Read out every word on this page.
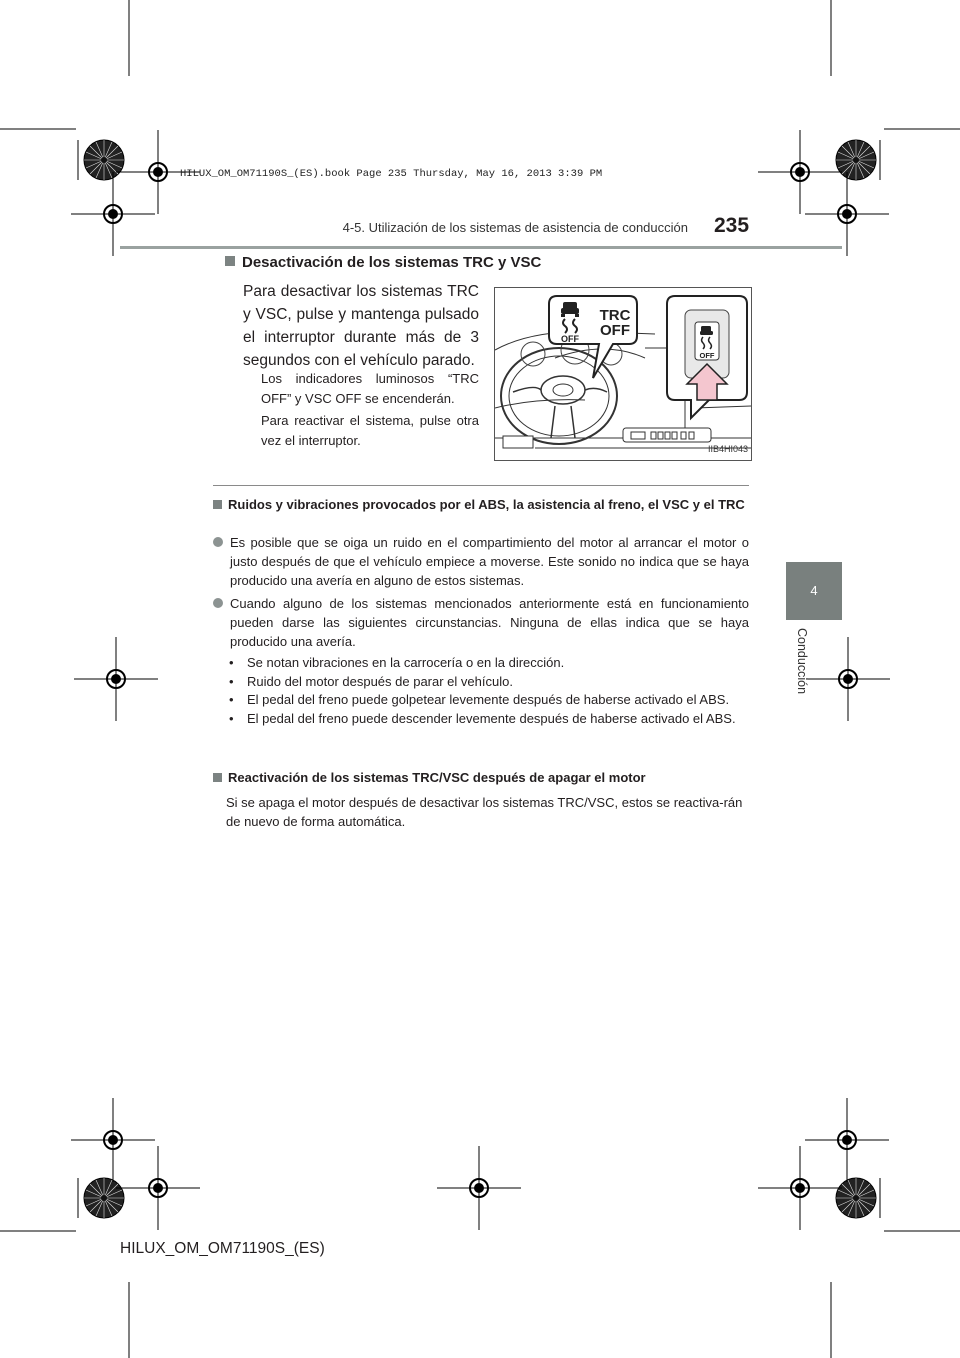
HILUX_OM_OM71190S_(ES).book Page 235 Thursday, May 16, 2013 3:39 PM
4-5. Utilización de los sistemas de asistencia de conducción 235
4
Conducción
Desactivación de los sistemas TRC y VSC
Para desactivar los sistemas TRC y VSC, pulse y mantenga pulsado el interruptor durante más de 3 segundos con el vehículo parado.
Los indicadores luminosos “TRC OFF” y VSC OFF se encenderán.
Para reactivar el sistema, pulse otra vez el interruptor.
OFF
TRC
OFF
OFF
IIB4HI043
Ruidos y vibraciones provocados por el ABS, la asistencia al freno, el VSC y el TRC
Es posible que se oiga un ruido en el compartimiento del motor al arrancar el motor o justo después de que el vehículo empiece a moverse. Este sonido no indica que se haya producido una avería en alguno de estos sistemas.
Cuando alguno de los sistemas mencionados anteriormente está en funcionamiento pueden darse las siguientes circunstancias. Ninguna de ellas indica que se haya producido una avería.
• Se notan vibraciones en la carrocería o en la dirección.
• Ruido del motor después de parar el vehículo.
• El pedal del freno puede golpetear levemente después de haberse activado el ABS.
• El pedal del freno puede descender levemente después de haberse activado el ABS.
Reactivación de los sistemas TRC/VSC después de apagar el motor
Si se apaga el motor después de desactivar los sistemas TRC/VSC, estos se reactiva-rán de nuevo de forma automática.
HILUX_OM_OM71190S_(ES)
